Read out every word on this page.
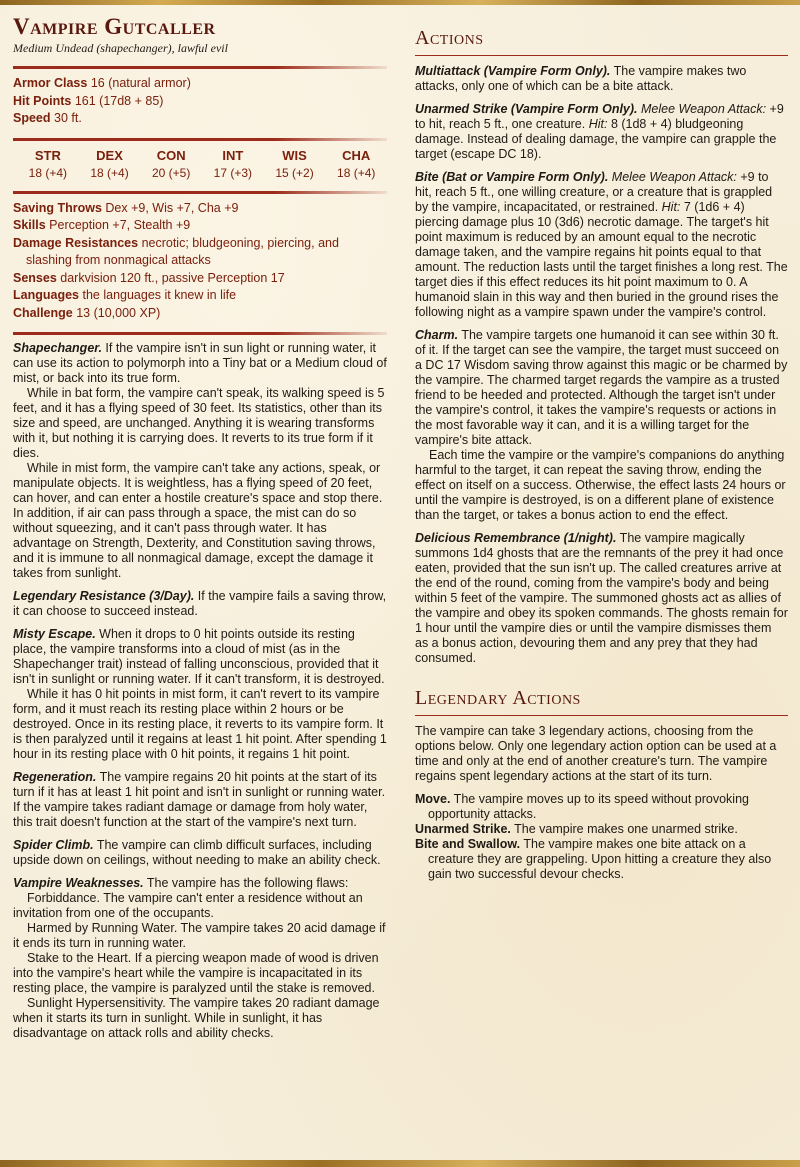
Vampire Gutcaller
Medium Undead (shapechanger), lawful evil
Armor Class 16 (natural armor)
Hit Points 161 (17d8 + 85)
Speed 30 ft.
STR
18 (+4)
DEX
18 (+4)
CON
20 (+5)
INT
17 (+3)
WIS
15 (+2)
CHA
18 (+4)
Saving Throws Dex +9, Wis +7, Cha +9
Skills Perception +7, Stealth +9
Damage Resistances necrotic; bludgeoning, piercing, and slashing from nonmagical attacks
Senses darkvision 120 ft., passive Perception 17
Languages the languages it knew in life
Challenge 13 (10,000 XP)

Shapechanger. If the vampire isn't in sun light or running water, it can use its action to polymorph into a Tiny bat or a Medium cloud of mist, or back into its true form.

While in bat form, the vampire can't speak, its walking speed is 5 feet, and it has a flying speed of 30 feet. Its statistics, other than its size and speed, are unchanged. Anything it is wearing transforms with it, but nothing it is carrying does. It reverts to its true form if it dies.

While in mist form, the vampire can't take any actions, speak, or manipulate objects. It is weightless, has a flying speed of 20 feet, can hover, and can enter a hostile creature's space and stop there. In addition, if air can pass through a space, the mist can do so without squeezing, and it can't pass through water. It has advantage on Strength, Dexterity, and Constitution saving throws, and it is immune to all nonmagical damage, except the damage it takes from sunlight.

Legendary Resistance (3/Day). If the vampire fails a saving throw, it can choose to succeed instead.

Misty Escape. When it drops to 0 hit points outside its resting place, the vampire transforms into a cloud of mist (as in the Shapechanger trait) instead of falling unconscious, provided that it isn't in sunlight or running water. If it can't transform, it is destroyed.

While it has 0 hit points in mist form, it can't revert to its vampire form, and it must reach its resting place within 2 hours or be destroyed. Once in its resting place, it reverts to its vampire form. It is then paralyzed until it regains at least 1 hit point. After spending 1 hour in its resting place with 0 hit points, it regains 1 hit point.

Regeneration. The vampire regains 20 hit points at the start of its turn if it has at least 1 hit point and isn't in sunlight or running water. If the vampire takes radiant damage or damage from holy water, this trait doesn't function at the start of the vampire's next turn.

Spider Climb. The vampire can climb difficult surfaces, including upside down on ceilings, without needing to make an ability check.

Vampire Weaknesses. The vampire has the following flaws:

Forbiddance. The vampire can't enter a residence without an invitation from one of the occupants.

Harmed by Running Water. The vampire takes 20 acid damage if it ends its turn in running water.

Stake to the Heart. If a piercing weapon made of wood is driven into the vampire's heart while the vampire is incapacitated in its resting place, the vampire is paralyzed until the stake is removed.

Sunlight Hypersensitivity. The vampire takes 20 radiant damage when it starts its turn in sunlight. While in sunlight, it has disadvantage on attack rolls and ability checks.

Actions

Multiattack (Vampire Form Only). The vampire makes two attacks, only one of which can be a bite attack.

Unarmed Strike (Vampire Form Only). Melee Weapon Attack: +9 to hit, reach 5 ft., one creature. Hit: 8 (1d8 + 4) bludgeoning damage. Instead of dealing damage, the vampire can grapple the target (escape DC 18).

Bite (Bat or Vampire Form Only). Melee Weapon Attack: +9 to hit, reach 5 ft., one willing creature, or a creature that is grappled by the vampire, incapacitated, or restrained. Hit: 7 (1d6 + 4) piercing damage plus 10 (3d6) necrotic damage. The target's hit point maximum is reduced by an amount equal to the necrotic damage taken, and the vampire regains hit points equal to that amount. The reduction lasts until the target finishes a long rest. The target dies if this effect reduces its hit point maximum to 0. A humanoid slain in this way and then buried in the ground rises the following night as a vampire spawn under the vampire's control.

Charm. The vampire targets one humanoid it can see within 30 ft. of it. If the target can see the vampire, the target must succeed on a DC 17 Wisdom saving throw against this magic or be charmed by the vampire. The charmed target regards the vampire as a trusted friend to be heeded and protected. Although the target isn't under the vampire's control, it takes the vampire's requests or actions in the most favorable way it can, and it is a willing target for the vampire's bite attack.

Each time the vampire or the vampire's companions do anything harmful to the target, it can repeat the saving throw, ending the effect on itself on a success. Otherwise, the effect lasts 24 hours or until the vampire is destroyed, is on a different plane of existence than the target, or takes a bonus action to end the effect.

Delicious Remembrance (1/night). The vampire magically summons 1d4 ghosts that are the remnants of the prey it had once eaten, provided that the sun isn't up. The called creatures arrive at the end of the round, coming from the vampire's body and being within 5 feet of the vampire. The summoned ghosts act as allies of the vampire and obey its spoken commands. The ghosts remain for 1 hour until the vampire dies or until the vampire dismisses them as a bonus action, devouring them and any prey that they had consumed.

Legendary Actions

The vampire can take 3 legendary actions, choosing from the options below. Only one legendary action option can be used at a time and only at the end of another creature's turn. The vampire regains spent legendary actions at the start of its turn.

Move. The vampire moves up to its speed without provoking opportunity attacks.

Unarmed Strike. The vampire makes one unarmed strike.

Bite and Swallow. The vampire makes one bite attack on a creature they are grappeling. Upon hitting a creature they also gain two successful devour checks.
